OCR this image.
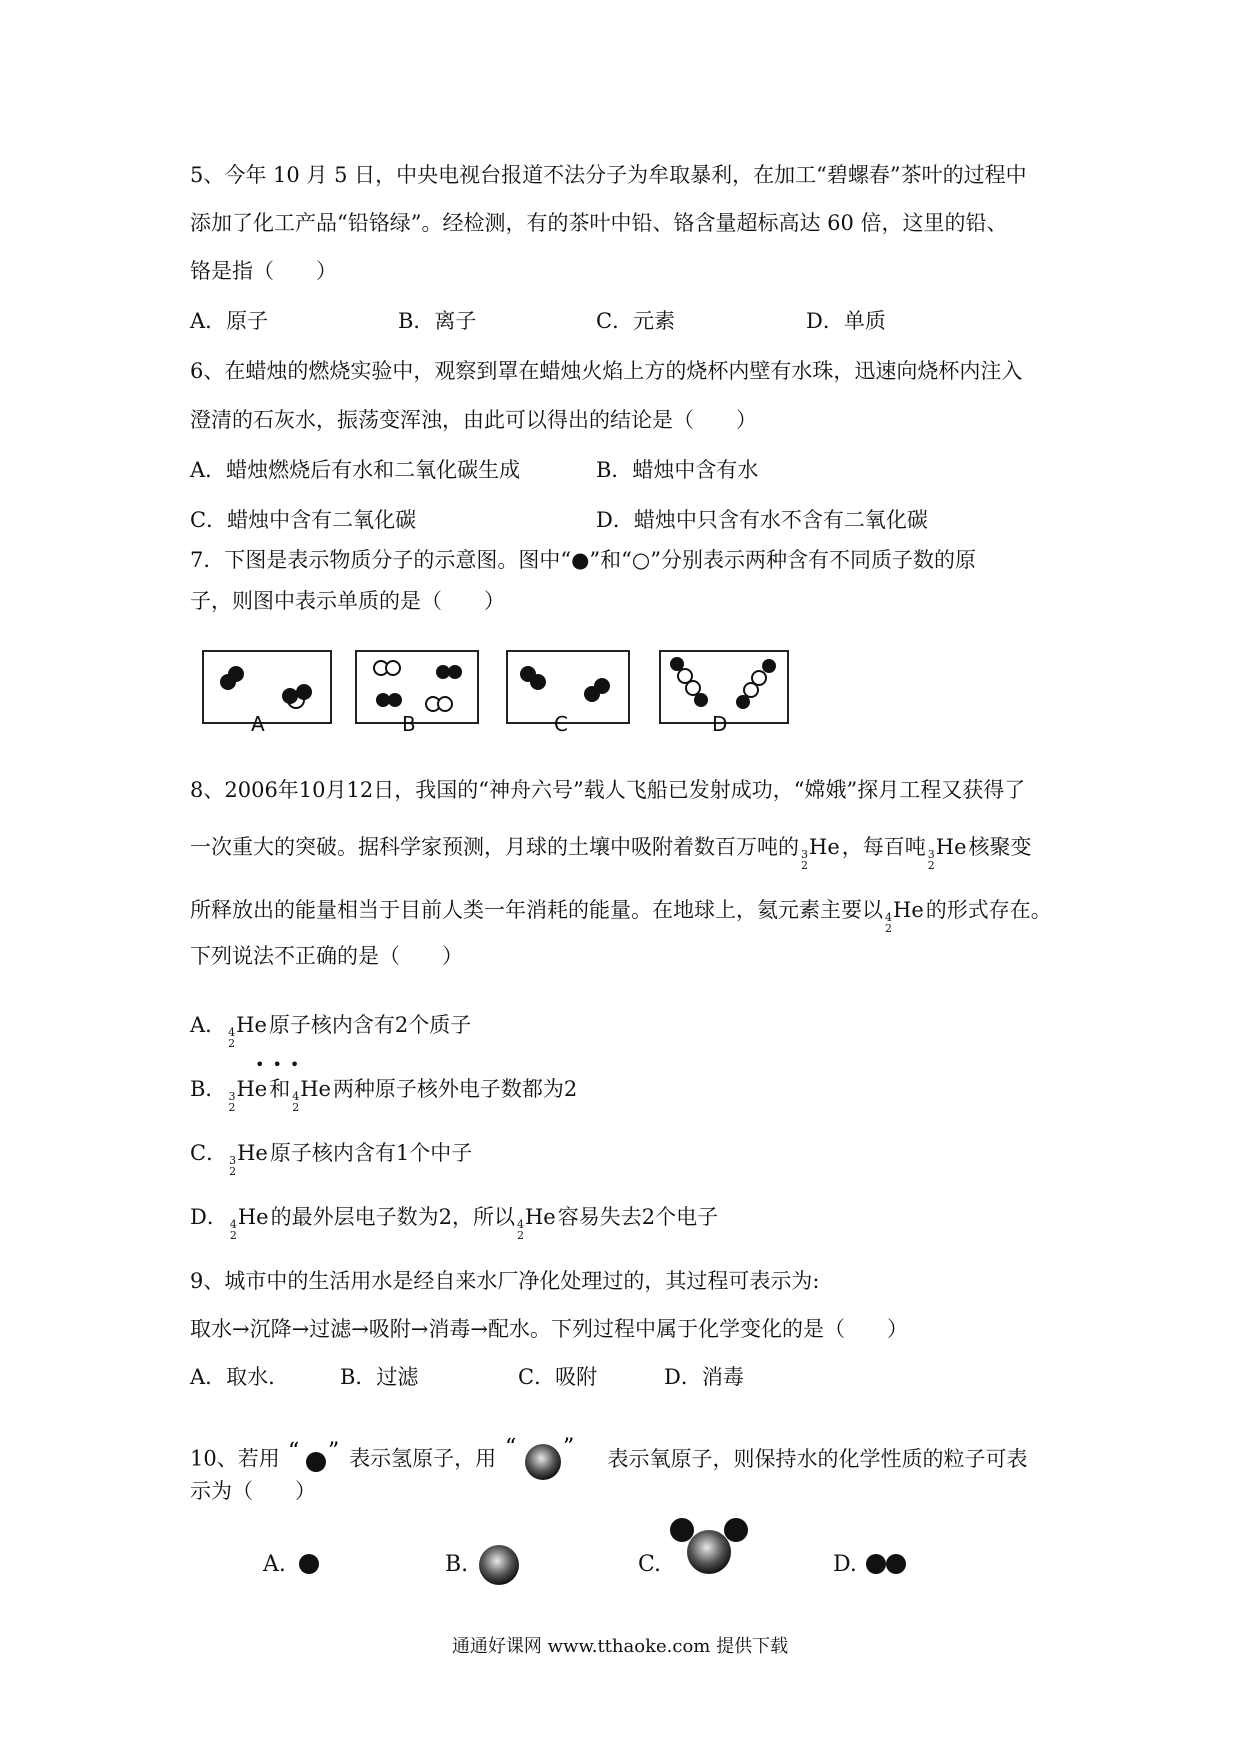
5、今年 10 月 5 日，中央电视台报道不法分子为牟取暴利，在加工“碧螺春”茶叶的过程中
添加了化工产品“铅铬绿”。经检测，有的茶叶中铅、铬含量超标高达 60 倍，这里的铅、
铬是指（　　）
A．原子	B．离子	C．元素	D．单质
6、在蜡烛的燃烧实验中，观察到罩在蜡烛火焰上方的烧杯内壁有水珠，迅速向烧杯内注入
澄清的石灰水，振荡变浑浊，由此可以得出的结论是（　　）
A．蜡烛燃烧后有水和二氧化碳生成	B．蜡烛中含有水
C．蜡烛中含有二氧化碳	D．蜡烛中只含有水不含有二氧化碳
7．下图是表示物质分子的示意图。图中“●”和“○”分别表示两种含有不同质子数的原
子，则图中表示单质的是（　　）
A	B	C	D
8、2006年10月12日，我国的“神舟六号”载人飞船已发射成功，“嫦娥”探月工程又获得了
一次重大的突破。据科学家预测，月球的土壤中吸附着数百万吨的 3
2
He，每百吨 3
2
He核聚变
所释放出的能量相当于目前人类一年消耗的能量。在地球上，氦元素主要以 4
2
He的形式存在。
下列说法不正确的是（　　）
•••
A． 4
2
He原子核内含有2个质子
B． 3
2
He和 4
2
He两种原子核外电子数都为2
C． 3
2
He原子核内含有1个中子
D． 4
2
He的最外层电子数为2，所以 4
2
He容易失去2个电子
9、城市中的生活用水是经自来水厂净化处理过的，其过程可表示为:
取水→沉降→过滤→吸附→消毒→配水。下列过程中属于化学变化的是（　　）
A．取水.	B．过滤	C．吸附	D．消毒
10、若用 “ ” 表示氢原子，用 “ ” 表示氧原子，则保持水的化学性质的粒子可表
示为（　　）
A.	B.	C.	D.
通通好课网 www.tthaoke.com 提供下载
